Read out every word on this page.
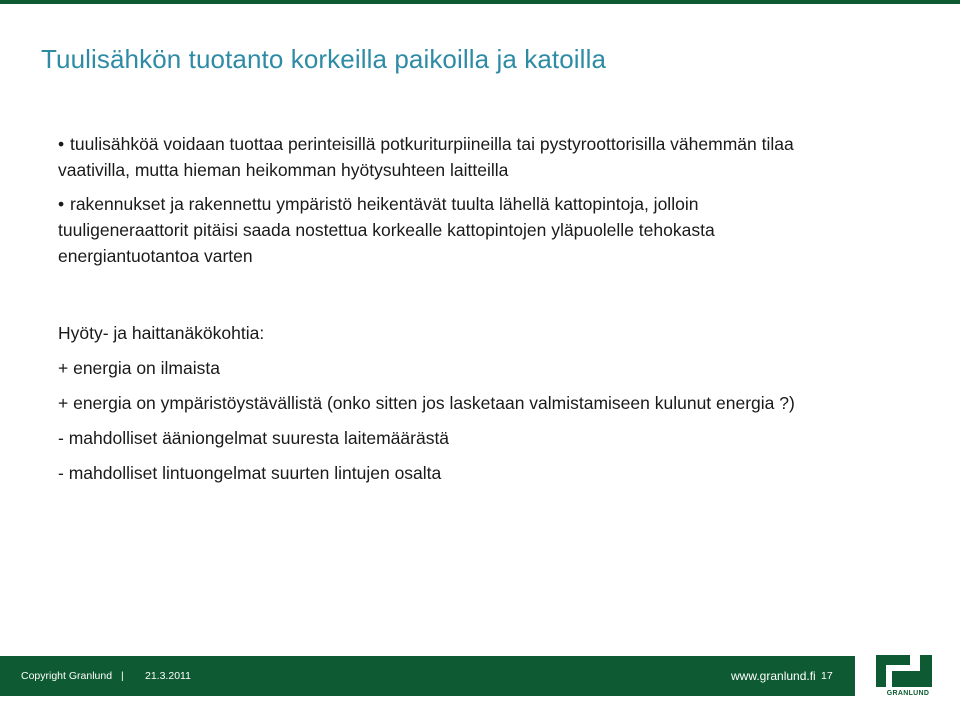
Tuulisähkön tuotanto korkeilla paikoilla ja katoilla
• tuulisähköä voidaan tuottaa perinteisillä potkuriturpiineilla tai pystyroottorisilla vähemmän tilaa
vaativilla, mutta hieman heikomman hyötysuhteen laitteilla
• rakennukset ja rakennettu ympäristö heikentävät tuulta lähellä kattopintoja, jolloin
tuuligeneraattorit pitäisi saada nostettua korkealle kattopintojen yläpuolelle tehokasta
energiantuotantoa varten
Hyöty- ja haittanäkökohtia:
+ energia on ilmaista
+ energia on ympäristöystävällistä (onko sitten jos lasketaan valmistamiseen kulunut energia ?)
- mahdolliset ääniongelmat suuresta laitemäärästä
- mahdolliset lintuongelmat suurten lintujen osalta
Copyright Granlund | 21.3.2011	www.granlund.fi 17
GRANLUND
